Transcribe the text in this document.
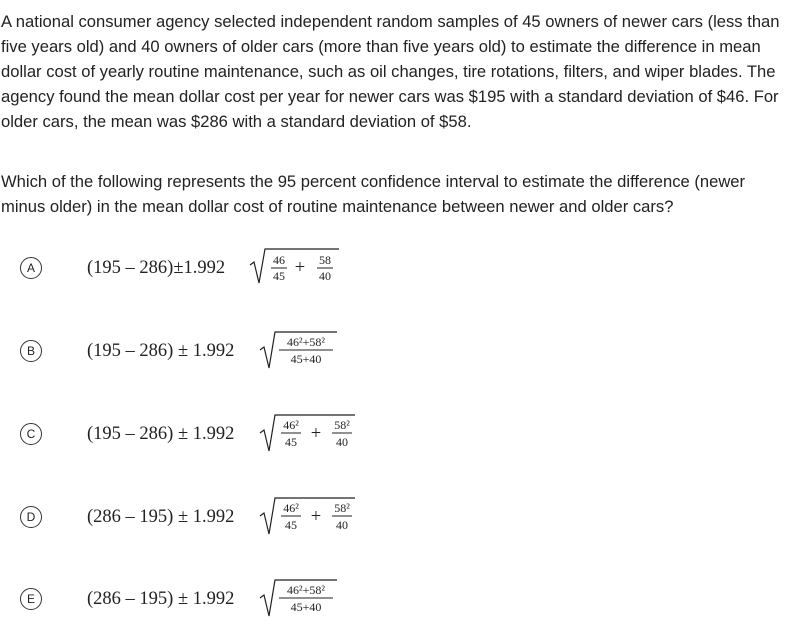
A national consumer agency selected independent random samples of 45 owners of newer cars (less than
five years old) and 40 owners of older cars (more than five years old) to estimate the difference in mean
dollar cost of yearly routine maintenance, such as oil changes, tire rotations, filters, and wiper blades. The
agency found the mean dollar cost per year for newer cars was $195 with a standard deviation of $46. For
older cars, the mean was $286 with a standard deviation of $58.
Which of the following represents the 95 percent confidence interval to estimate the difference (newer
minus older) in the mean dollar cost of routine maintenance between newer and older cars?
A	(195 – 286)±1.992	46
45 + 58
40
B	(195 – 286) ± 1.992	46²+58²
45+40
C	(195 – 286) ± 1.992	46²
45 + 58²
40
D	(286 – 195) ± 1.992	46²
45 + 58²
40
E	(286 – 195) ± 1.992	46²+58²
45+40
